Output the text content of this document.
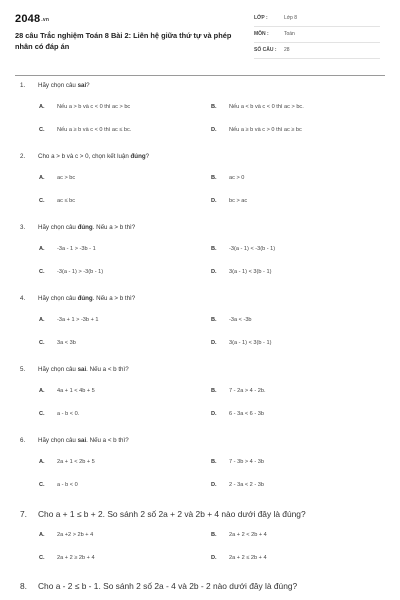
2048.vn
28 câu Trắc nghiệm Toán 8 Bài 2: Liên hệ giữa thứ tự và phép nhân có đáp án
LỚP :	Lớp 8
MÔN :	Toán
SỐ CÂU : 28
1. Hãy chọn câu sai?
A. Nếu a > b và c < 0 thì ac > bc	B. Nếu a < b và c < 0 thì ac > bc.
C. Nếu a ≥ b và c < 0 thì ac ≤ bc.	D. Nếu a ≥ b và c > 0 thì ac ≥ bc
2. Cho a > b và c > 0, chọn kết luận đúng?
A. ac > bc	B. ac > 0
C. ac ≤ bc	D. bc > ac
3. Hãy chọn câu đúng. Nếu a > b thì?
A. -3a - 1 > -3b - 1	B. -3(a - 1) < -3(b - 1)
C. -3(a - 1) > -3(b - 1)	D. 3(a - 1) < 3(b - 1)
4. Hãy chọn câu đúng. Nếu a > b thì?
A. -3a + 1 > -3b + 1	B. -3a < -3b
C. 3a < 3b	D. 3(a - 1) < 3(b - 1)
5. Hãy chọn câu sai. Nếu a < b thì?
A. 4a + 1 < 4b + 5	B. 7 - 2a > 4 - 2b.
C. a - b < 0.	D. 6 - 3a < 6 - 3b
6. Hãy chọn câu sai. Nếu a < b thì?
A. 2a + 1 < 2b + 5	B. 7 - 3b > 4 - 3b
C. a - b < 0	D. 2 - 3a < 2 - 3b
7. Cho a + 1 ≤ b + 2. So sánh 2 số 2a + 2 và 2b + 4 nào dưới đây là đúng?
A. 2a +2 > 2b + 4	B. 2a + 2 < 2b + 4
C. 2a + 2 ≥ 2b + 4	D. 2a + 2 ≤ 2b + 4
8. Cho a - 2 ≤ b - 1. So sánh 2 số 2a - 4 và 2b - 2 nào dưới đây là đúng?
